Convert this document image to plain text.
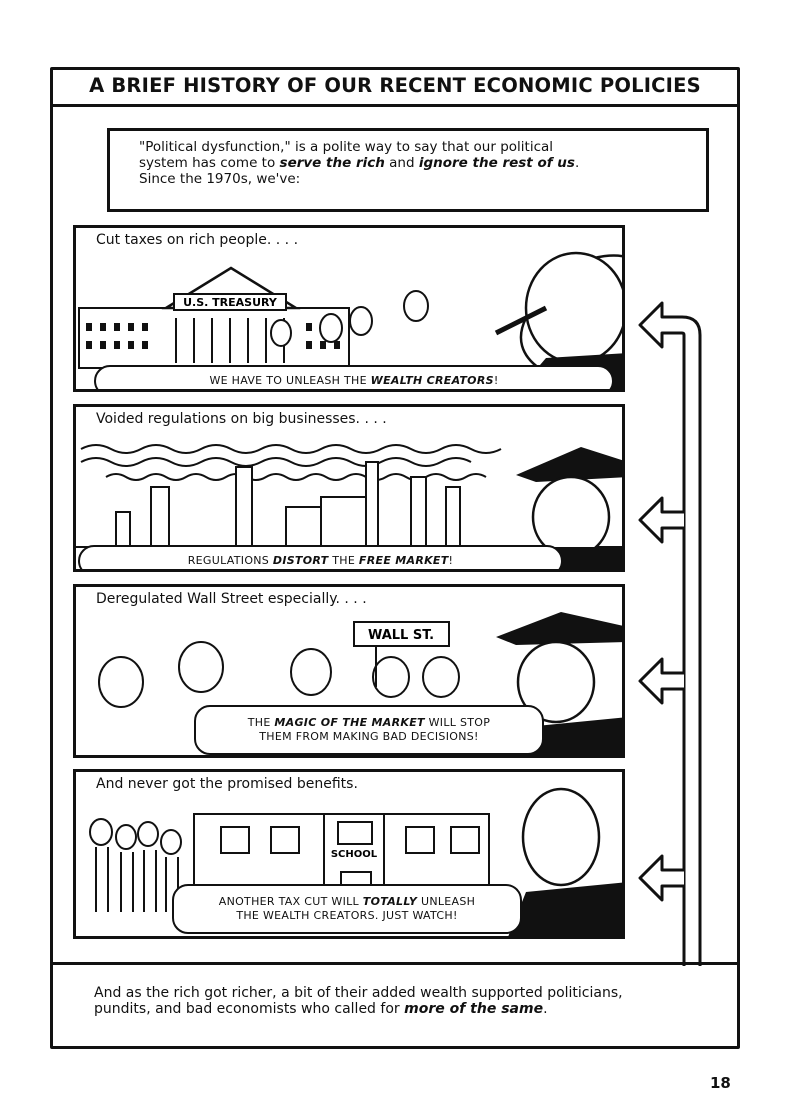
A BRIEF HISTORY OF OUR RECENT ECONOMIC POLICIES
"Political dysfunction," is a polite way to say that our political
system has come to serve the rich and ignore the rest of us.
Since the 1970s, we've:
Cut taxes on rich people. . . .
U.S. TREASURY
WE HAVE TO UNLEASH THE WEALTH CREATORS!
Voided regulations on big businesses. . . .
REGULATIONS DISTORT THE FREE MARKET!
Deregulated Wall Street especially. . . .
WALL ST.
THE MAGIC OF THE MARKET WILL STOP
THEM FROM MAKING BAD DECISIONS!
And never got the promised benefits.
SCHOOL
ANOTHER TAX CUT WILL TOTALLY UNLEASH
THE WEALTH CREATORS. JUST WATCH!
And as the rich got richer, a bit of their added wealth supported politicians,
pundits, and bad economists who called for more of the same.
18
